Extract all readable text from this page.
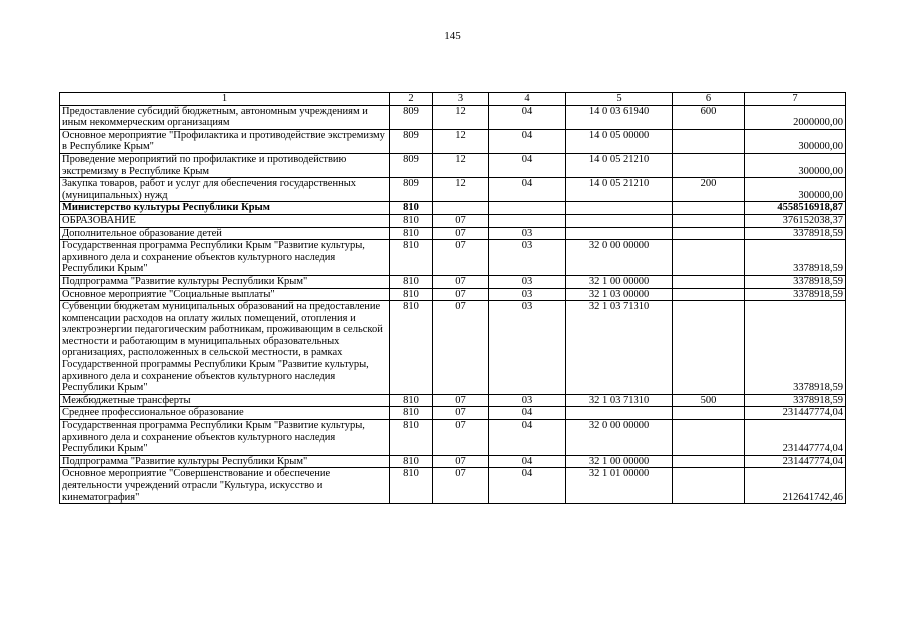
145
1	2	3	4	5	6	7
Предоставление субсидий бюджетным, автономным учреждениям и иным некоммерческим организациям	809	12	04	14 0 03 61940	600	2000000,00
Основное мероприятие "Профилактика и противодействие экстремизму в Республике Крым"	809	12	04	14 0 05 00000		300000,00
Проведение мероприятий по профилактике и противодействию экстремизму в Республике Крым	809	12	04	14 0 05 21210		300000,00
Закупка товаров, работ и услуг для обеспечения государственных (муниципальных) нужд	809	12	04	14 0 05 21210	200	300000,00
Министерство культуры Республики Крым	810					4558516918,87
ОБРАЗОВАНИЕ	810	07				376152038,37
Дополнительное образование детей	810	07	03			3378918,59
Государственная программа Республики Крым "Развитие культуры, архивного дела и сохранение объектов культурного наследия Республики Крым"	810	07	03	32 0 00 00000		3378918,59
Подпрограмма "Развитие культуры Республики Крым"	810	07	03	32 1 00 00000		3378918,59
Основное мероприятие "Социальные выплаты"	810	07	03	32 1 03 00000		3378918,59
Субвенции бюджетам муниципальных образований на предоставление компенсации расходов на оплату жилых помещений, отопления и электроэнергии педагогическим работникам, проживающим в сельской местности и работающим в муниципальных образовательных организациях, расположенных в сельской местности, в рамках Государственной программы Республики Крым "Развитие культуры, архивного дела и сохранение объектов культурного наследия Республики Крым"	810	07	03	32 1 03 71310		3378918,59
Межбюджетные трансферты	810	07	03	32 1 03 71310	500	3378918,59
Среднее профессиональное образование	810	07	04			231447774,04
Государственная программа Республики Крым "Развитие культуры, архивного дела и сохранение объектов культурного наследия Республики Крым"	810	07	04	32 0 00 00000		231447774,04
Подпрограмма "Развитие культуры Республики Крым"	810	07	04	32 1 00 00000		231447774,04
Основное мероприятие "Совершенствование и обеспечение деятельности учреждений отрасли "Культура, искусство и кинематография"	810	07	04	32 1 01 00000		212641742,46
